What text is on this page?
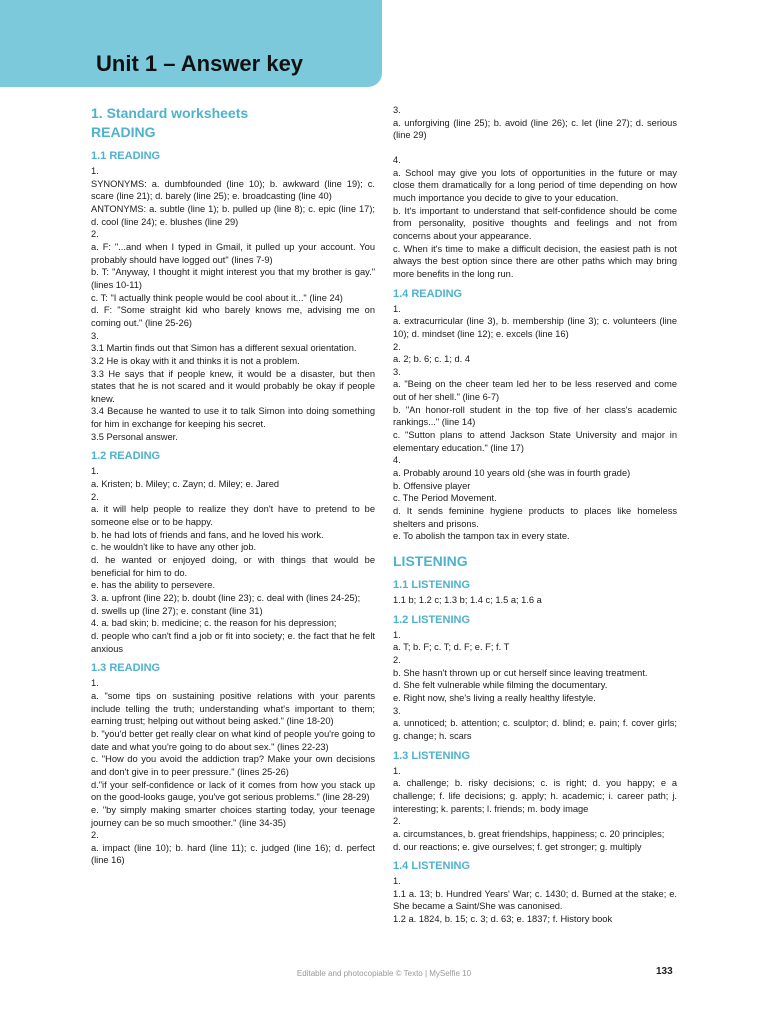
Unit 1 – Answer key
1. Standard worksheets
READING
1.1 READING
1.
SYNONYMS: a. dumbfounded (line 10); b. awkward (line 19); c. scare (line 21); d. barely (line 25); e. broadcasting (line 40)
ANTONYMS: a. subtle (line 1); b. pulled up (line 8); c. epic (line 17); d. cool (line 24); e. blushes (line 29)
2.
a. F: "...and when I typed in Gmail, it pulled up your account. You probably should have logged out" (lines 7-9)
b. T: "Anyway, I thought it might interest you that my brother is gay." (lines 10-11)
c. T: "I actually think people would be cool about it..." (line 24)
d. F: "Some straight kid who barely knows me, advising me on coming out." (line 25-26)
3.
3.1 Martin finds out that Simon has a different sexual orientation.
3.2 He is okay with it and thinks it is not a problem.
3.3 He says that if people knew, it would be a disaster, but then states that he is not scared and it would probably be okay if people knew.
3.4 Because he wanted to use it to talk Simon into doing something for him in exchange for keeping his secret.
3.5 Personal answer.
1.2 READING
1.
a. Kristen; b. Miley; c. Zayn; d. Miley; e. Jared
2.
a. it will help people to realize they don't have to pretend to be someone else or to be happy.
b. he had lots of friends and fans, and he loved his work.
c. he wouldn't like to have any other job.
d. he wanted or enjoyed doing, or with things that would be beneficial for him to do.
e. has the ability to persevere.
3. a. upfront (line 22); b. doubt (line 23); c. deal with (lines 24-25);
d. swells up (line 27); e. constant (line 31)
4. a. bad skin; b. medicine; c. the reason for his depression;
d. people who can't find a job or fit into society; e. the fact that he felt anxious
1.3 READING
1.
a. "some tips on sustaining positive relations with your parents include telling the truth; understanding what's important to them; earning trust; helping out without being asked." (line 18-20)
b. "you'd better get really clear on what kind of people you're going to date and what you're going to do about sex." (lines 22-23)
c. "How do you avoid the addiction trap? Make your own decisions and don't give in to peer pressure." (lines 25-26)
d."if your self-confidence or lack of it comes from how you stack up on the good-looks gauge, you've got serious problems." (line 28-29)
e. "by simply making smarter choices starting today, your teenage journey can be so much smoother." (line 34-35)
2.
a. impact (line 10); b. hard (line 11); c. judged (line 16); d. perfect (line 16)
3.
a. unforgiving (line 25); b. avoid (line 26); c. let (line 27); d. serious (line 29)
4.
a. School may give you lots of opportunities in the future or may close them dramatically for a long period of time depending on how much importance you decide to give to your education.
b. It's important to understand that self-confidence should be come from personality, positive thoughts and feelings and not from concerns about your appearance.
c. When it's time to make a difficult decision, the easiest path is not always the best option since there are other paths which may bring more benefits in the long run.
1.4 READING
1.
a. extracurricular (line 3), b. membership (line 3); c. volunteers (line 10); d. mindset (line 12); e. excels (line 16)
2.
a. 2; b. 6; c. 1; d. 4
3.
a. "Being on the cheer team led her to be less reserved and come out of her shell." (line 6-7)
b. "An honor-roll student in the top five of her class's academic rankings..." (line 14)
c. "Sutton plans to attend Jackson State University and major in elementary education." (line 17)
4.
a. Probably around 10 years old (she was in fourth grade)
b. Offensive player
c. The Period Movement.
d. It sends feminine hygiene products to places like homeless shelters and prisons.
e. To abolish the tampon tax in every state.
LISTENING
1.1 LISTENING
1.1 b; 1.2 c; 1.3 b; 1.4 c; 1.5 a; 1.6 a
1.2 LISTENING
1.
a. T; b. F; c. T; d. F; e. F; f. T
2.
b. She hasn't thrown up or cut herself since leaving treatment.
d. She felt vulnerable while filming the documentary.
e. Right now, she's living a really healthy lifestyle.
3.
a. unnoticed; b. attention; c. sculptor; d. blind; e. pain; f. cover girls; g. change; h. scars
1.3 LISTENING
1.
a. challenge; b. risky decisions; c. is right; d. you happy; e a challenge; f. life decisions; g. apply; h. academic; i. career path; j. interesting; k. parents; l. friends; m. body image
2.
a. circumstances, b. great friendships, happiness; c. 20 principles;
d. our reactions; e. give ourselves; f. get stronger; g. multiply
1.4 LISTENING
1.
1.1 a. 13; b. Hundred Years' War; c. 1430; d. Burned at the stake; e. She became a Saint/She was canonised.
1.2 a. 1824, b. 15; c. 3; d. 63; e. 1837; f. History book
Editable and photocopiable © Texto | MySelfie 10	133
